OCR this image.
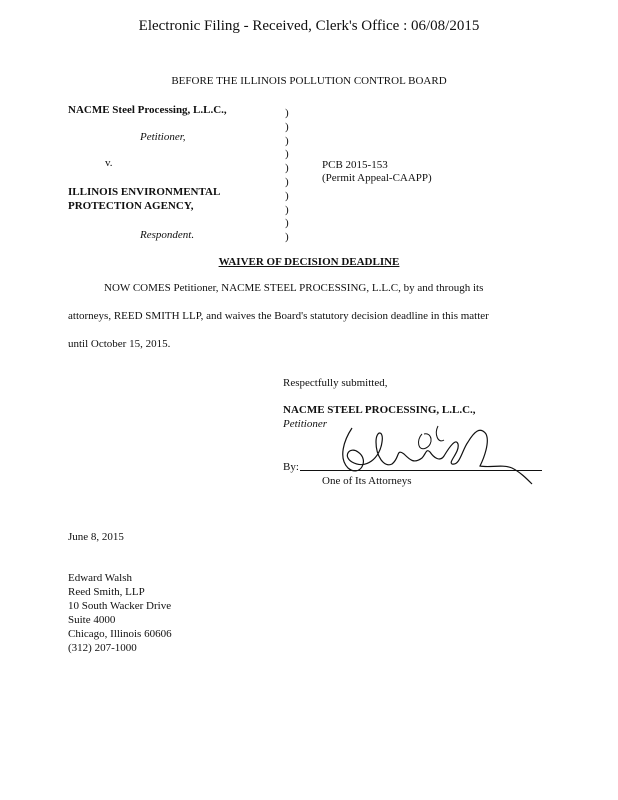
Electronic Filing - Received, Clerk's Office : 06/08/2015
BEFORE THE ILLINOIS POLLUTION CONTROL BOARD
NACME Steel Processing, L.L.C.,
Petitioner,
v.
ILLINOIS ENVIRONMENTAL
PROTECTION AGENCY,
Respondent.
)
)
)
)
)
)
)
)
)
)
PCB 2015-153
(Permit Appeal-CAAPP)
WAIVER OF DECISION DEADLINE
NOW COMES Petitioner, NACME STEEL PROCESSING, L.L.C, by and through its
attorneys, REED SMITH LLP, and waives the Board's statutory decision deadline in this matter
until October 15, 2015.
Respectfully submitted,
NACME STEEL PROCESSING, L.L.C.,
Petitioner
By:
One of Its Attorneys
June 8, 2015
Edward Walsh
Reed Smith, LLP
10 South Wacker Drive
Suite 4000
Chicago, Illinois 60606
(312) 207-1000
